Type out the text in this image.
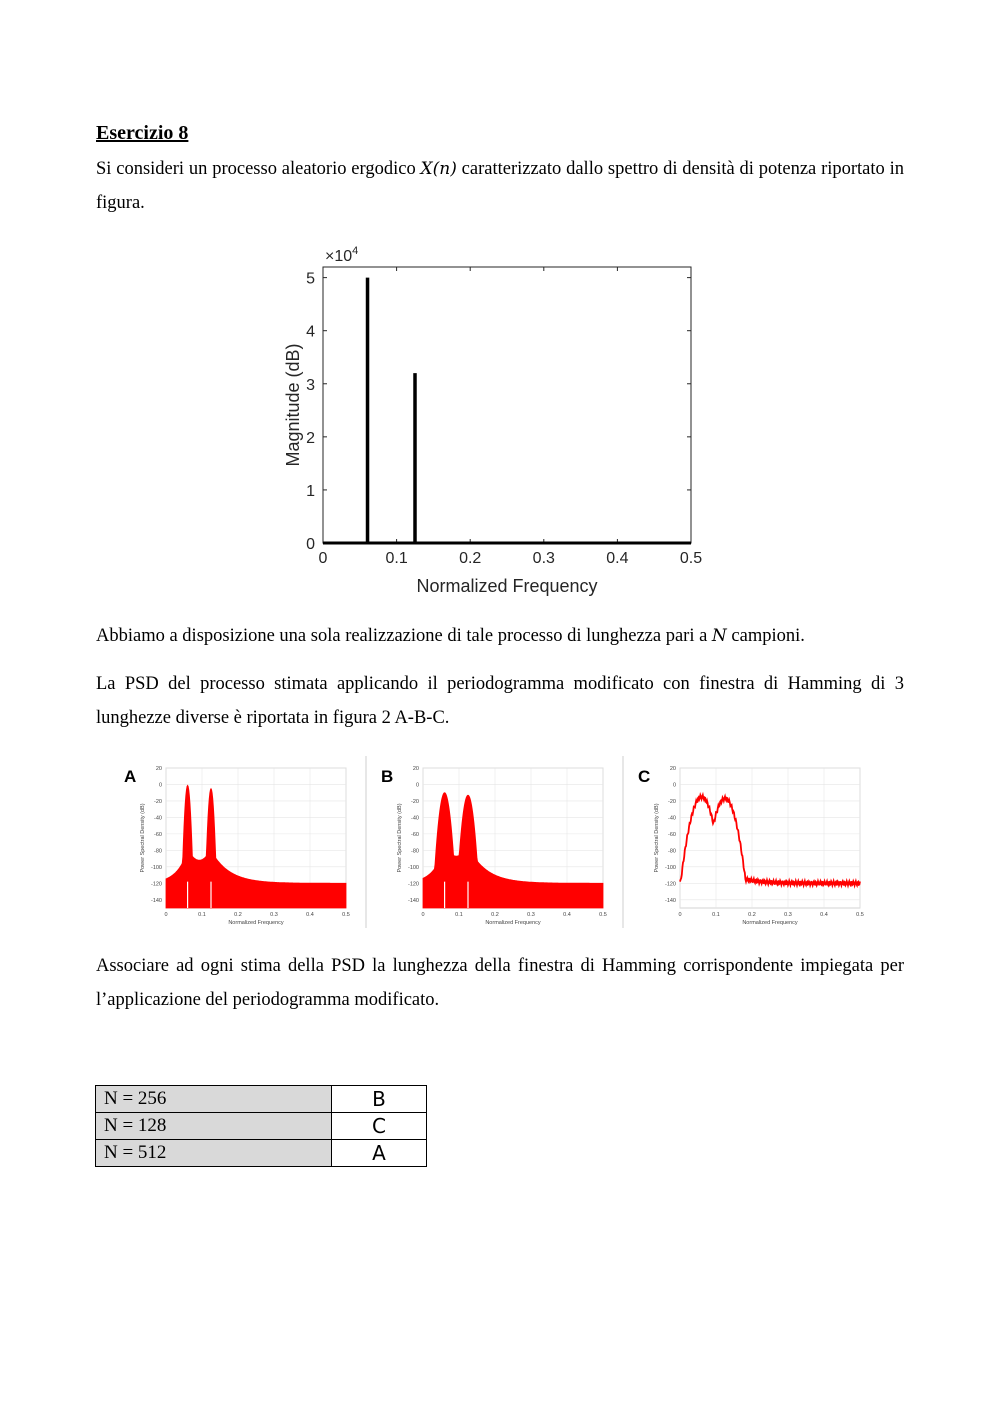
Esercizio 8
Si consideri un processo aleatorio ergodico X(n) caratterizzato dallo spettro di densità di potenza riportato in figura.
0	0.1	0.2	0.3	0.4	0.5
0
1
2
3
4
5
$\times 10^4$
Normalized Frequency
Magnitude (dB)
Abbiamo a disposizione una sola realizzazione di tale processo di lunghezza pari a N campioni.
La PSD del processo stimata applicando il periodogramma modificato con finestra di Hamming di 3 lunghezze diverse è riportata in figura 2 A-B-C.
0	0.1	0.2	0.3	0.4	0.5
20
0
-20
-40
-60
-80
-100
-120
-140
A
Normalized Frequency
Power Spectral Density (dB)
0	0.1	0.2	0.3	0.4	0.5
20
0
-20
-40
-60
-80
-100
-120
-140
B
Normalized Frequency
Power Spectral Density (dB)
0	0.1	0.2	0.3	0.4	0.5
20
0
-20
-40
-60
-80
-100
-120
-140
C
Normalized Frequency
Power Spectral Density (dB)
Associare ad ogni stima della PSD la lunghezza della finestra di Hamming corrispondente impiegata per l’applicazione del periodogramma modificato.
N = 256	B
N = 128	C
N = 512	A
